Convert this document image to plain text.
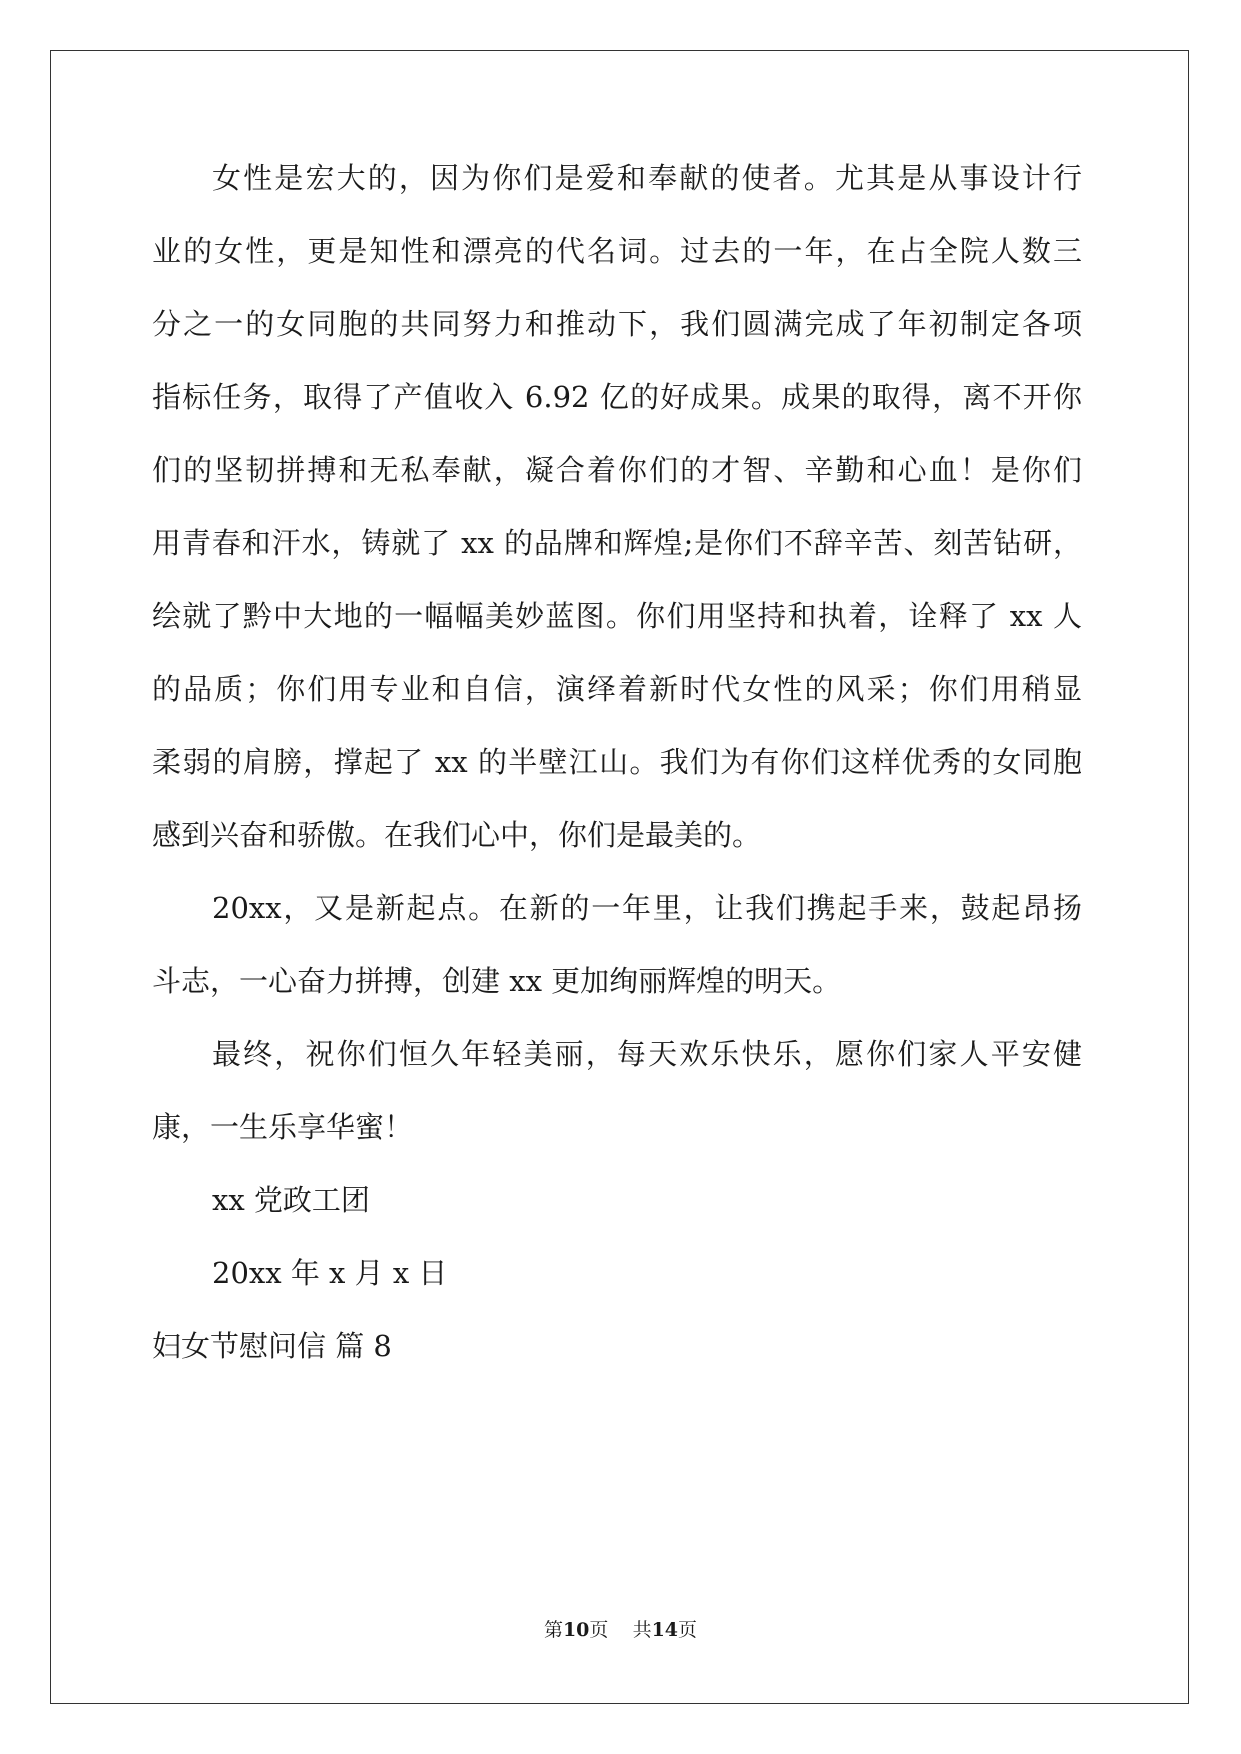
女性是宏大的，因为你们是爱和奉献的使者。尤其是从事设计行
业的女性，更是知性和漂亮的代名词。过去的一年，在占全院人数三
分之一的女同胞的共同努力和推动下，我们圆满完成了年初制定各项
指标任务，取得了产值收入 6.92 亿的好成果。成果的取得，离不开你
们的坚韧拼搏和无私奉献，凝合着你们的才智、辛勤和心血！是你们
用青春和汗水，铸就了 xx 的品牌和辉煌;是你们不辞辛苦、刻苦钻研，
绘就了黔中大地的一幅幅美妙蓝图。你们用坚持和执着，诠释了 xx 人
的品质；你们用专业和自信，演绎着新时代女性的风采；你们用稍显
柔弱的肩膀，撑起了 xx 的半壁江山。我们为有你们这样优秀的女同胞
感到兴奋和骄傲。在我们心中，你们是最美的。
20xx，又是新起点。在新的一年里，让我们携起手来，鼓起昂扬
斗志，一心奋力拼搏，创建 xx 更加绚丽辉煌的明天。
最终，祝你们恒久年轻美丽，每天欢乐快乐，愿你们家人平安健
康，一生乐享华蜜！
xx 党政工团
20xx 年 x 月 x 日
妇女节慰问信 篇 8
第10页    共14页
